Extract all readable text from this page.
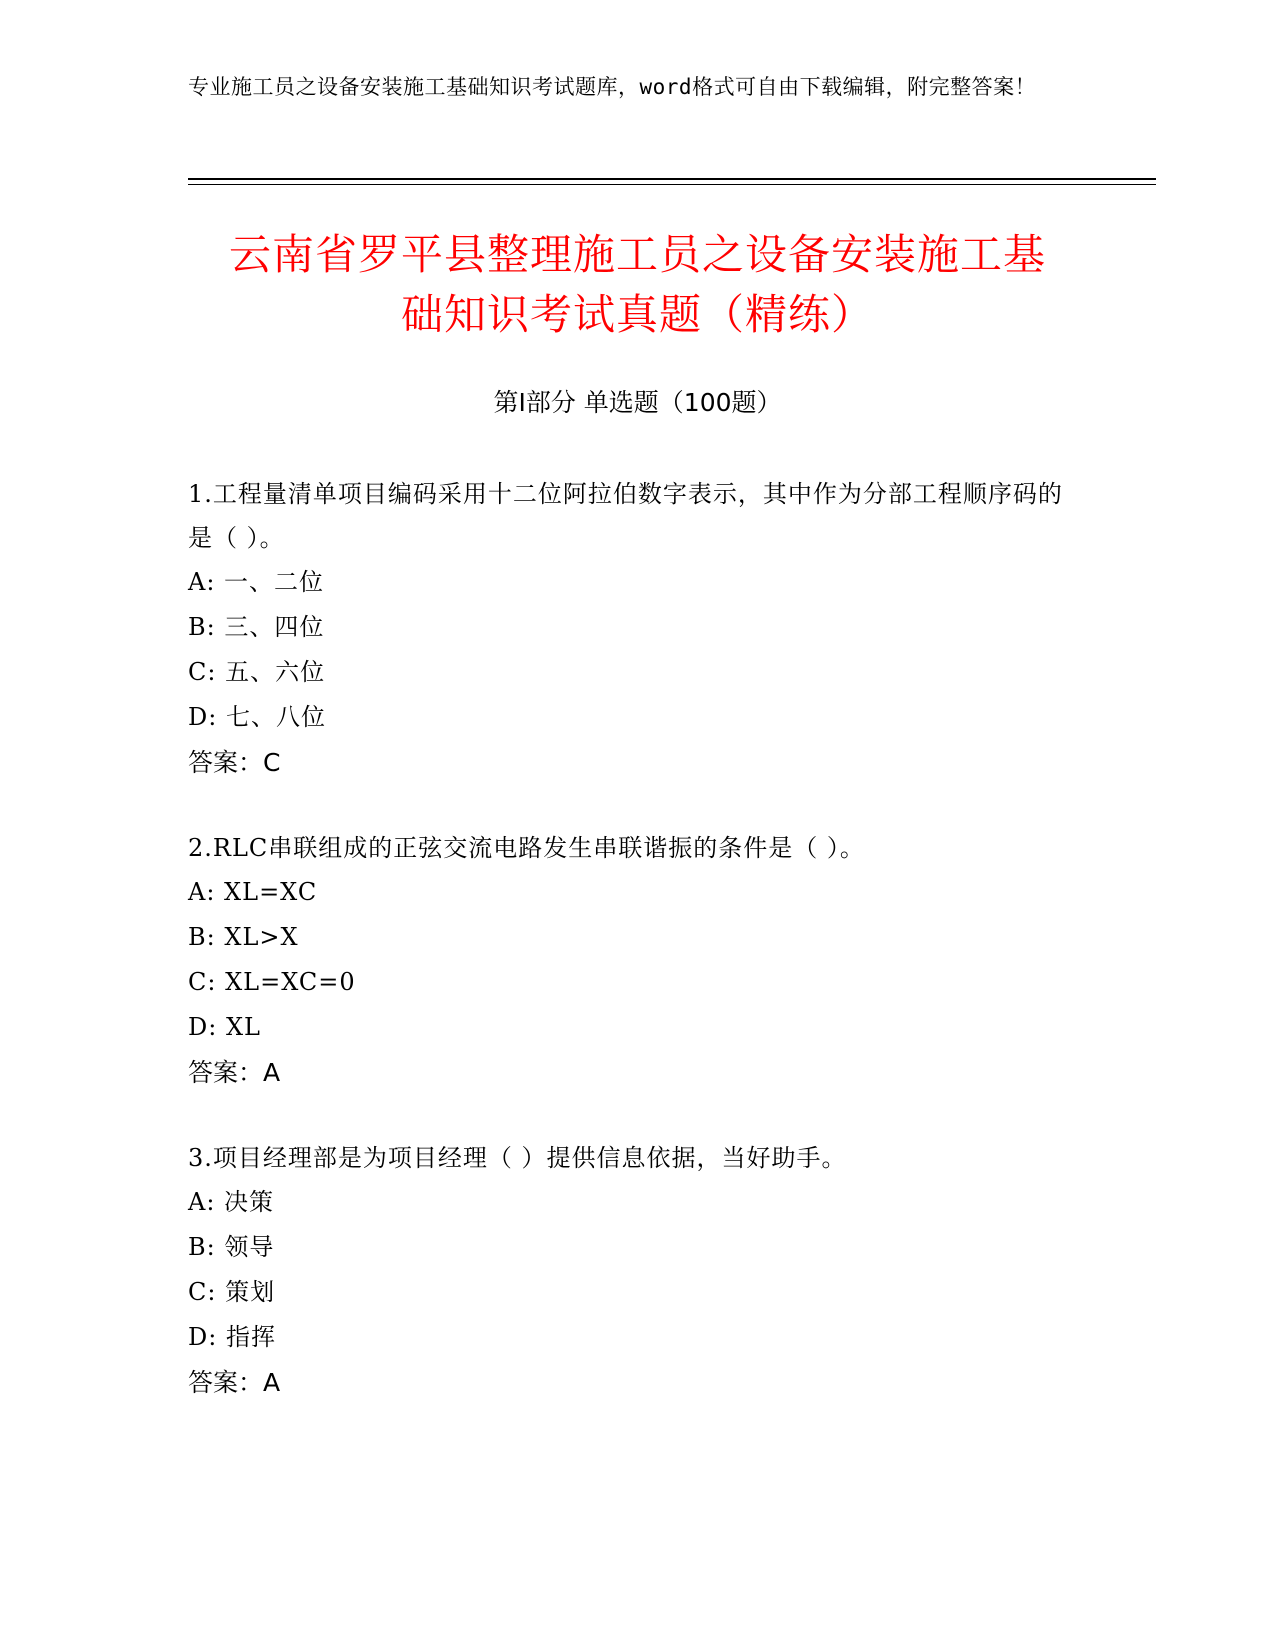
专业施工员之设备安装施工基础知识考试题库，word格式可自由下载编辑，附完整答案！
云南省罗平县整理施工员之设备安装施工基
础知识考试真题（精练）
第Ⅰ部分 单选题（100题）
1.工程量清单项目编码采用十二位阿拉伯数字表示，其中作为分部工程顺序码的是（ ）。
A: 一、二位
B: 三、四位
C: 五、六位
D: 七、八位
答案：C
2.RLC串联组成的正弦交流电路发生串联谐振的条件是（ ）。
A: XL=XC
B: XL>X
C: XL=XC=0
D: XL
答案：A
3.项目经理部是为项目经理（ ）提供信息依据，当好助手。
A: 决策
B: 领导
C: 策划
D: 指挥
答案：A
